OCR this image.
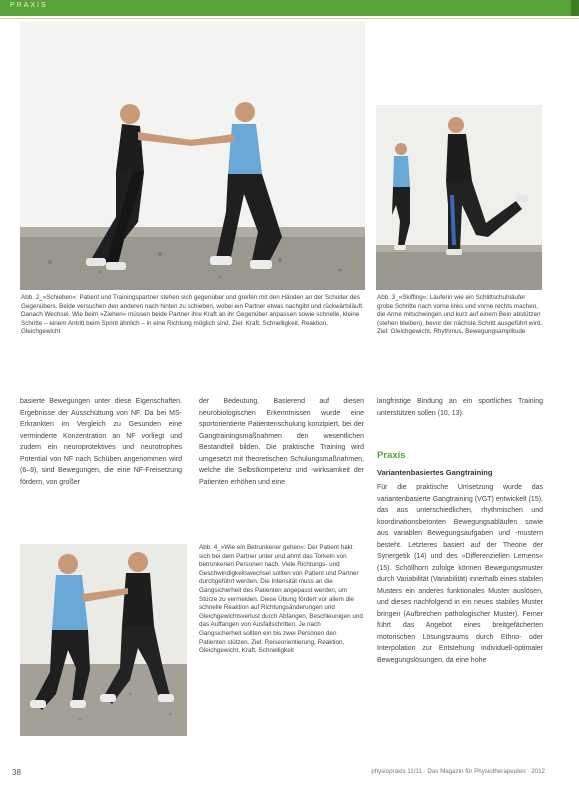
PRAXIS
Abb. 2_»Schieben«: Patient und Trainingspartner stehen sich gegenüber und greifen mit den Händen an der Schulter des Gegenübers. Beide versuchen den anderen nach hinten zu schieben, wobei ein Partner etwas nachgibt und rückwärtsläuft. Danach Wechsel. Wie beim »Ziehen« müssen beide Partner ihre Kraft an ihr Gegenüber anpassen sowie schnelle, kleine Schritte – einem Antritt beim Sprint ähnlich – in eine Richtung möglich sind. Ziel: Kraft, Schnelligkeit, Reaktion, Gleichgewicht
Abb. 3_»Skiffing«: Läuferin wie ein Schlittschuhläufer grobe Schritte nach vorne links und vorne rechts machen, die Arme mitschwingen und kurz auf einem Bein abstützen (stehen bleiben), bevor der nächste Schritt ausgeführt wird. Ziel: Gleichgewicht, Rhythmus, Bewegungsamplitude

basierte Bewegungen unter diese Eigenschaften. Ergebnisse der Ausschüttung von NF. Da bei MS-Erkrankten im Vergleich zu Gesunden eine verminderte Konzentration an NF vorliegt und zudem ein neuroprotektives und neurotrophes Potential von NF nach Schüben angenommen wird (6–9), sind Bewegungen, die eine NF-Freisetzung fördern, von großer

der Bedeutung. Basierend auf diesen neurobiologischen Erkenntnissen wurde eine sportorientierte Patientenschulung konzipiert, bei der Gangtrainingsmaßnahmen den wesentlichen Bestandteil bilden. Die praktische Training wird umgesetzt mit theoretischen Schulungsmaßnahmen, welche die Selbstkompetenz und -wirksamkeit der Patienten erhöhen und eine

langfristige Bindung an ein sportliches Training unterstützen sollen (10, 13).

Praxis
Variantenbasiertes Gangtraining

Für die praktische Umsetzung wurde das variantenbasierte Gangtraining (VGT) entwickelt (15), das aus unterschiedlichen, rhythmischen und koordinationsbetonten Bewegungsabläufen sowie aus variablen Bewegungsaufgaben und -mustern besteht. Letzteres basiert auf der Theorie der Synergetik (14) und des »Differenziellen Lernens« (15). Schöllhorn zufolge können Bewegungsmuster durch Variabilität (Variabilität) innerhalb eines stabilen Musters ein anderes funktionales Muster auslösen, und dieses nachfolgend in ein neues stabiles Muster bringen (Aufbrechen pathologischer Muster). Ferner führt das Angebot eines breitgefächerten motorischen Lösungsraums durch Ethno- oder Interpolation zur Entstehung individuell-optimaler Bewegungslösungen, da eine hohe

Abb. 4_»Wie ein Betrunkener gehen«: Der Patient hakt sich bei dem Partner unter und ahmt das Torkeln von betrunkenen Personen nach. Viele Richtungs- und Geschwindigkeitswechsel sollten von Patient und Partner durchgeführt werden. Die Intensität muss an die Gangsicherheit des Patienten angepasst werden, um Stürze zu vermeiden. Diese Übung fördert vor allem die schnelle Reaktion auf Richtungsänderungen und Gleichgewichtsverlust durch Abfangen, Beschleunigen und das Auffangen von Ausfallschritten. Je nach Gangsicherheit sollten ein bis zwei Personen den Patienten stützen. Ziel: Reiseorientierung, Reaktion, Gleichgewicht, Kraft, Schnelligkeit
38	physiopraxis 11/11 · Das Magazin für Physiotherapeuten · 2012
